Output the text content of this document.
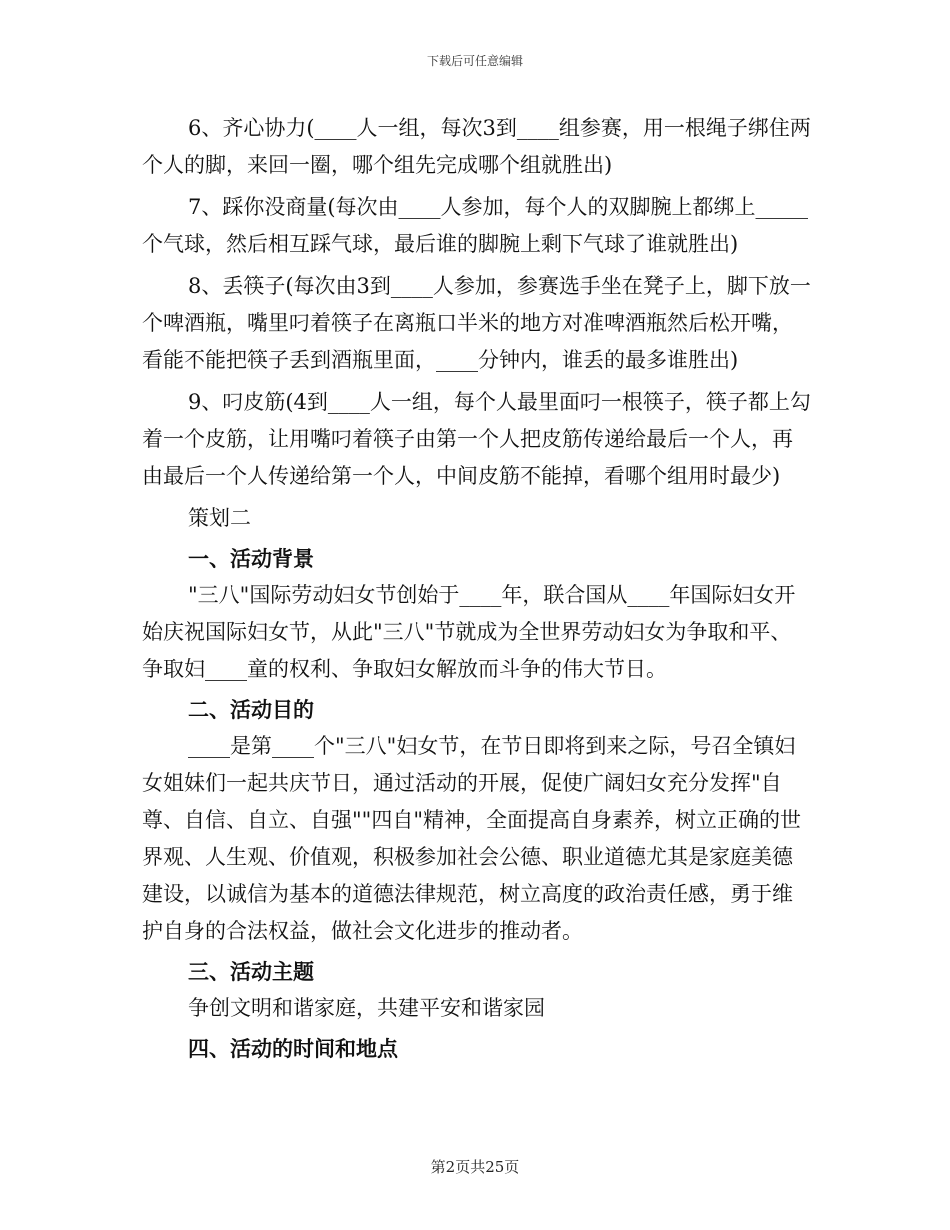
下载后可任意编辑

6、齐心协力(____人一组，每次3到____组参赛，用一根绳子绑住两个人的脚，来回一圈，哪个组先完成哪个组就胜出)

7、踩你没商量(每次由____人参加，每个人的双脚腕上都绑上_____个气球，然后相互踩气球，最后谁的脚腕上剩下气球了谁就胜出)

8、丢筷子(每次由3到____人参加，参赛选手坐在凳子上，脚下放一个啤酒瓶，嘴里叼着筷子在离瓶口半米的地方对准啤酒瓶然后松开嘴，看能不能把筷子丢到酒瓶里面，____分钟内，谁丢的最多谁胜出)

9、叼皮筋(4到____人一组，每个人最里面叼一根筷子，筷子都上勾着一个皮筋，让用嘴叼着筷子由第一个人把皮筋传递给最后一个人，再由最后一个人传递给第一个人，中间皮筋不能掉，看哪个组用时最少)

策划二

一、活动背景

"三八"国际劳动妇女节创始于____年，联合国从____年国际妇女开始庆祝国际妇女节，从此"三八"节就成为全世界劳动妇女为争取和平、争取妇____童的权利、争取妇女解放而斗争的伟大节日。

二、活动目的

____是第____个"三八"妇女节，在节日即将到来之际，号召全镇妇女姐妹们一起共庆节日，通过活动的开展，促使广阔妇女充分发挥"自尊、自信、自立、自强""四自"精神，全面提高自身素养，树立正确的世界观、人生观、价值观，积极参加社会公德、职业道德尤其是家庭美德建设，以诚信为基本的道德法律规范，树立高度的政治责任感，勇于维护自身的合法权益，做社会文化进步的推动者。

三、活动主题

争创文明和谐家庭，共建平安和谐家园

四、活动的时间和地点

第2页共25页
